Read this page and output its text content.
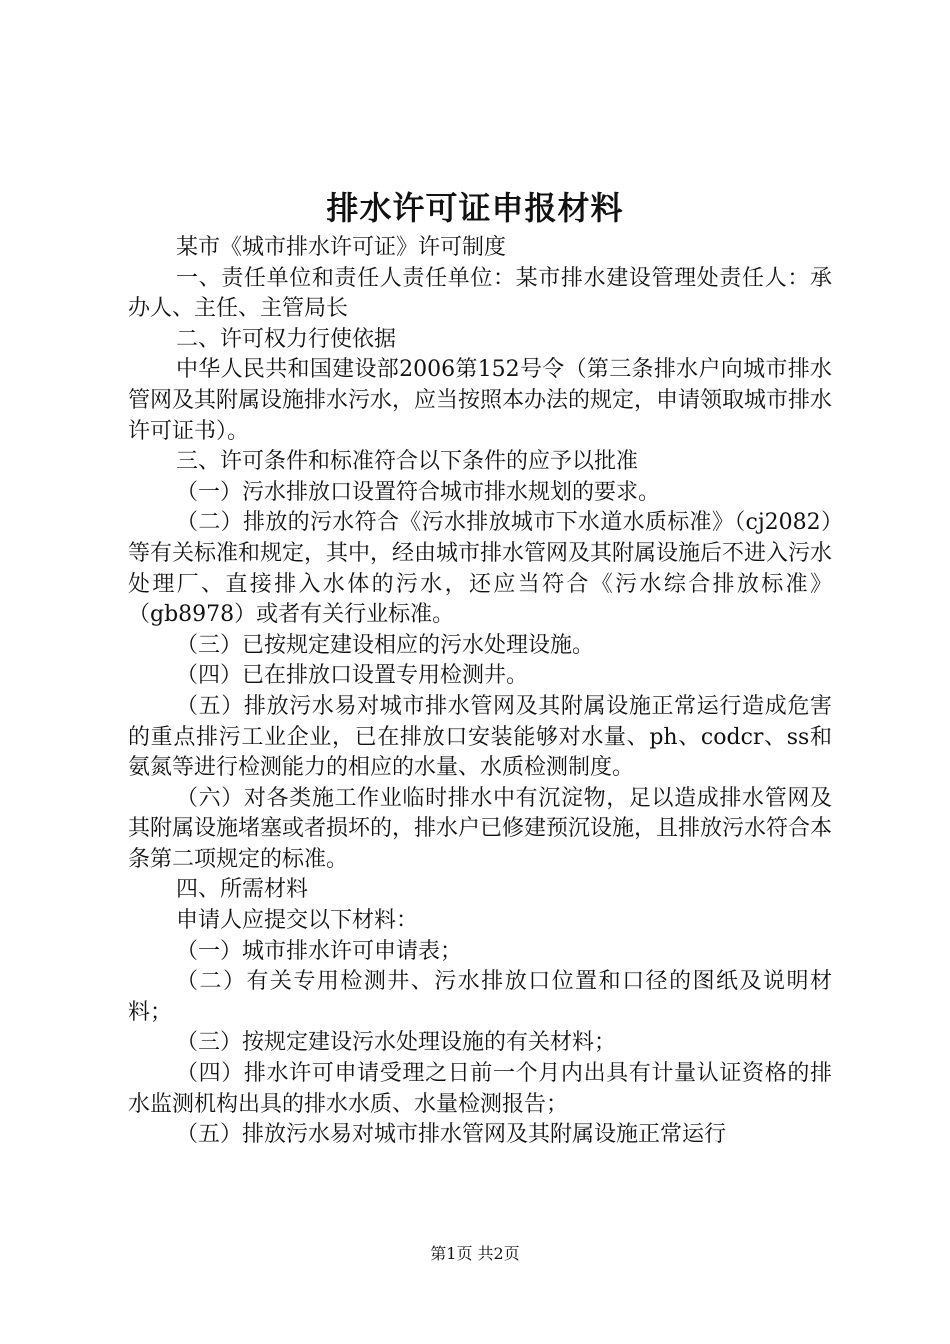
排水许可证申报材料

某市《城市排水许可证》许可制度

一、责任单位和责任人责任单位：某市排水建设管理处责任人：承办人、主任、主管局长

二、许可权力行使依据

中华人民共和国建设部2006第152号令（第三条排水户向城市排水管网及其附属设施排水污水，应当按照本办法的规定，申请领取城市排水许可证书）。

三、许可条件和标准符合以下条件的应予以批准

（一）污水排放口设置符合城市排水规划的要求。

（二）排放的污水符合《污水排放城市下水道水质标准》（cj2082）等有关标准和规定，其中，经由城市排水管网及其附属设施后不进入污水处理厂、直接排入水体的污水，还应当符合《污水综合排放标准》（gb8978）或者有关行业标准。

（三）已按规定建设相应的污水处理设施。

（四）已在排放口设置专用检测井。

（五）排放污水易对城市排水管网及其附属设施正常运行造成危害的重点排污工业企业，已在排放口安装能够对水量、ph、codcr、ss和氨氮等进行检测能力的相应的水量、水质检测制度。

（六）对各类施工作业临时排水中有沉淀物，足以造成排水管网及其附属设施堵塞或者损坏的，排水户已修建预沉设施，且排放污水符合本条第二项规定的标准。

四、所需材料

申请人应提交以下材料：

（一）城市排水许可申请表；

（二）有关专用检测井、污水排放口位置和口径的图纸及说明材料；

（三）按规定建设污水处理设施的有关材料；

（四）排水许可申请受理之日前一个月内出具有计量认证资格的排水监测机构出具的排水水质、水量检测报告；

（五）排放污水易对城市排水管网及其附属设施正常运行

第1页 共2页
